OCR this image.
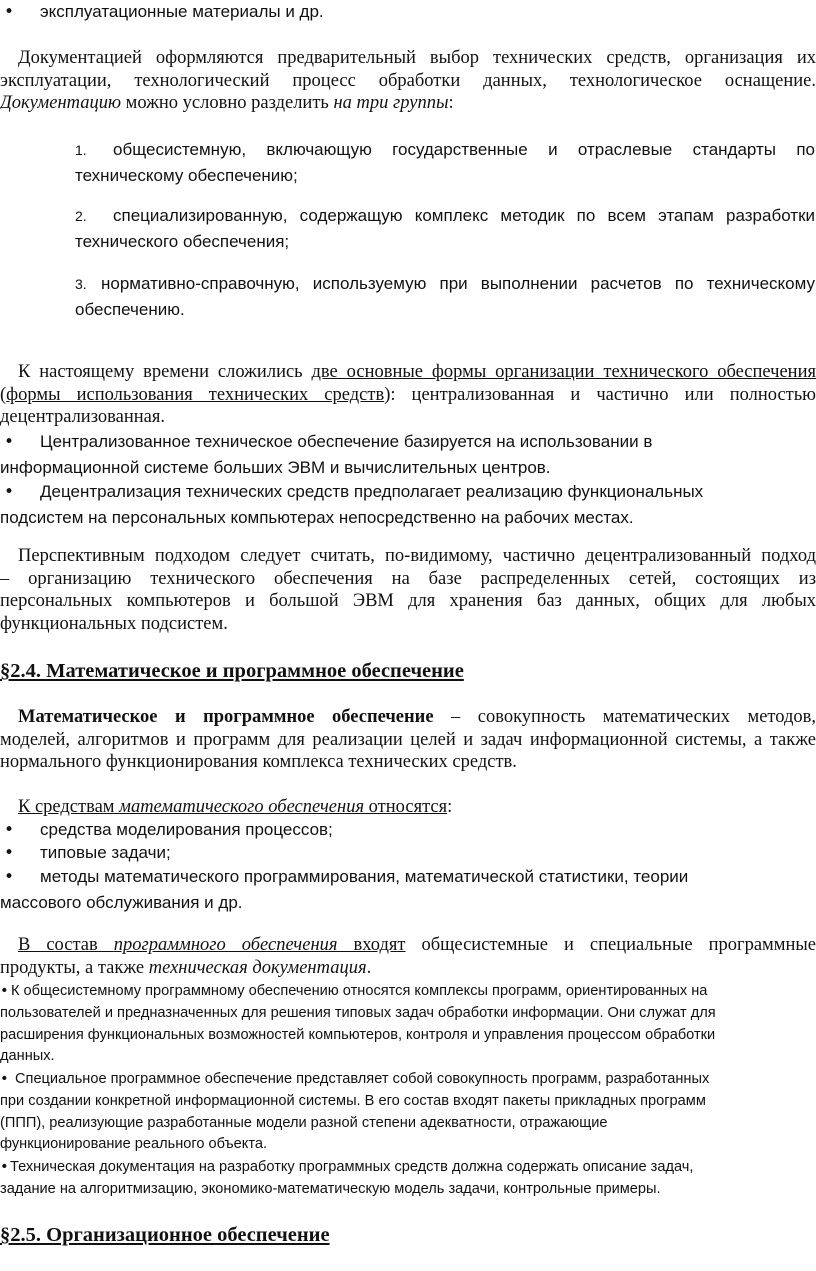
• эксплуатационные материалы и др.
Документацией оформляются предварительный выбор технических средств, организация их
эксплуатации, технологический процесс обработки данных, технологическое оснащение.
Документацию можно условно разделить на три группы:
1. общесистемную, включающую государственные и отраслевые стандарты по
техническому обеспечению;
2. специализированную, содержащую комплекс методик по всем этапам разработки
технического обеспечения;
3. нормативно-справочную, используемую при выполнении расчетов по техническому
обеспечению.
К настоящему времени сложились две основные формы организации технического обеспечения
(формы использования технических средств): централизованная и частично или полностью
децентрализованная.
• Централизованное техническое обеспечение базируется на использовании в
информационной системе больших ЭВМ и вычислительных центров.
• Децентрализация технических средств предполагает реализацию функциональных
подсистем на персональных компьютерах непосредственно на рабочих местах.
Перспективным подходом следует считать, по-видимому, частично децентрализованный подход
– организацию технического обеспечения на базе распределенных сетей, состоящих из
персональных компьютеров и большой ЭВМ для хранения баз данных, общих для любых
функциональных подсистем.
§2.4. Математическое и программное обеспечение
Математическое и программное обеспечение – совокупность математических методов,
моделей, алгоритмов и программ для реализации целей и задач информационной системы, а также
нормального функционирования комплекса технических средств.
К средствам математического обеспечения относятся:
• средства моделирования процессов;
• типовые задачи;
• методы математического программирования, математической статистики, теории
массового обслуживания и др.
В состав программного обеспечения входят общесистемные и специальные программные
продукты, а также техническая документация.
• К общесистемному программному обеспечению относятся комплексы программ, ориентированных на
пользователей и предназначенных для решения типовых задач обработки информации. Они служат для
расширения функциональных возможностей компьютеров, контроля и управления процессом обработки
данных.
• Специальное программное обеспечение представляет собой совокупность программ, разработанных
при создании конкретной информационной системы. В его состав входят пакеты прикладных программ
(ППП), реализующие разработанные модели разной степени адекватности, отражающие
функционирование реального объекта.
•Техническая документация на разработку программных средств должна содержать описание задач,
задание на алгоритмизацию, экономико-математическую модель задачи, контрольные примеры.
§2.5. Организационное обеспечение
